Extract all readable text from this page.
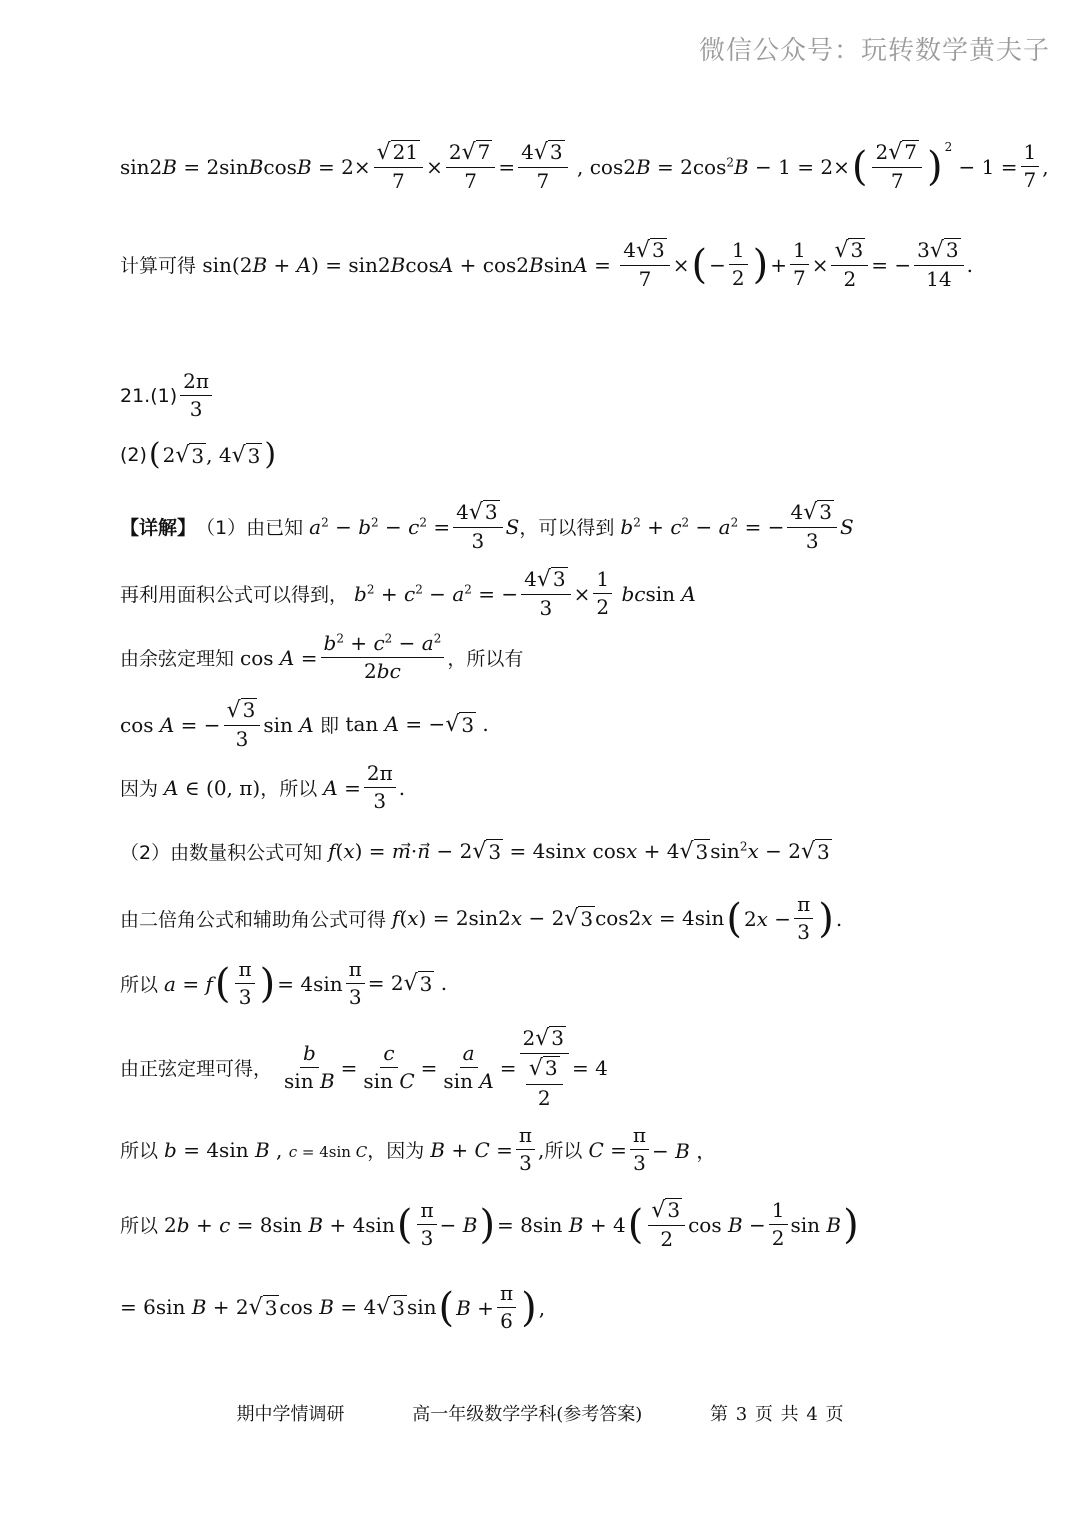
微信公众号：玩转数学黄夫子
sin2B = 2sinBcosB = $2\times \frac{√ 21}{7} \times \frac{2 √ 7}{7} = \frac{4 √ 3}{7}$ , $\cos 2B = 2\cos^2B - 1 = 2\times$ ( $\frac{2 √ 7}{7} )^2$
− $1 = \frac{1}{7}$ ,
计算可得 $\sin(2B + A) = \sin 2BcosA + \cos 2BsinA = \frac{4 √ 3}{7}$ × ( − $\frac{1}{2}$ ) + $\frac{1}{7} \times \frac{√ 3}{2}$ = − $\frac{3 √ 3}{14}$ .
$21.(1) \frac{2\pi}{3}$
(2) ( 2 √ 3 , 4 √ 3 )
【详解】 （1）由已知 $a^2 - b^2 - c^2 = \frac{4 √ 3}{3}$ S ，可以得到 $b^2 + c^2 - a^2$ = − $\frac{4 √ 3}{3}$ S
再利用面积公式可以得到， $b^2 + c^2 - a^2$ = − $\frac{4 √ 3}{3} \times \frac{1}{2}$ bcsin A
由余弦定理知 $\cos A = \frac{b^2 + c^2 - a^2}{2bc}$ ，所以有
cos A = − $\frac{√ 3}{3}$ sin A 即 tan A = − √ 3 .
因为 A ∈ (0, π) ，所以 $A = \frac{2\pi}{3}$ .
（2）由数量积公式可知 f(x) = m⃗·n⃗ − 2 √ 3 = 4sinx cosx + 4 √ 3 $\sin^2x - 2$ √ 3
由二倍角公式和辅助角公式可得 f(x) = 2sin2x − 2 √ 3 cos2x = 4sin ( $2x - \frac{\pi}{3}$ ) .
所以 a = f ( $\frac{\pi}{3}$ ) = $4\sin \frac{\pi}{3} = 2$ √ 3 .
由正弦定理可得， $\frac{b}{\text{sin B}} = \frac{c}{\text{sin C}} = \frac{a}{\text{sin A}} = \frac{2 √ 3}{\frac{√ 3}{2}} = 4$
所以 b = 4sin B , c = 4sin C ，因为 $B + C = \frac{\pi}{3}$ , 所以 $C = \frac{\pi}{3} - B$ ，
所以 2b + c = 8sin B + 4sin ( $\frac{\pi}{3} - B$ ) = 8sin B + 4 ( $\frac{√ 3}{2}$ $\cos B - \frac{1}{2}$ sin B )
= 6sin B + 2 √ 3 cos B = 4 √ 3 sin ( $B + \frac{\pi}{6}$ ) ,
期中学情调研	高一年级数学学科(参考答案)	第 3 页 共 4 页
